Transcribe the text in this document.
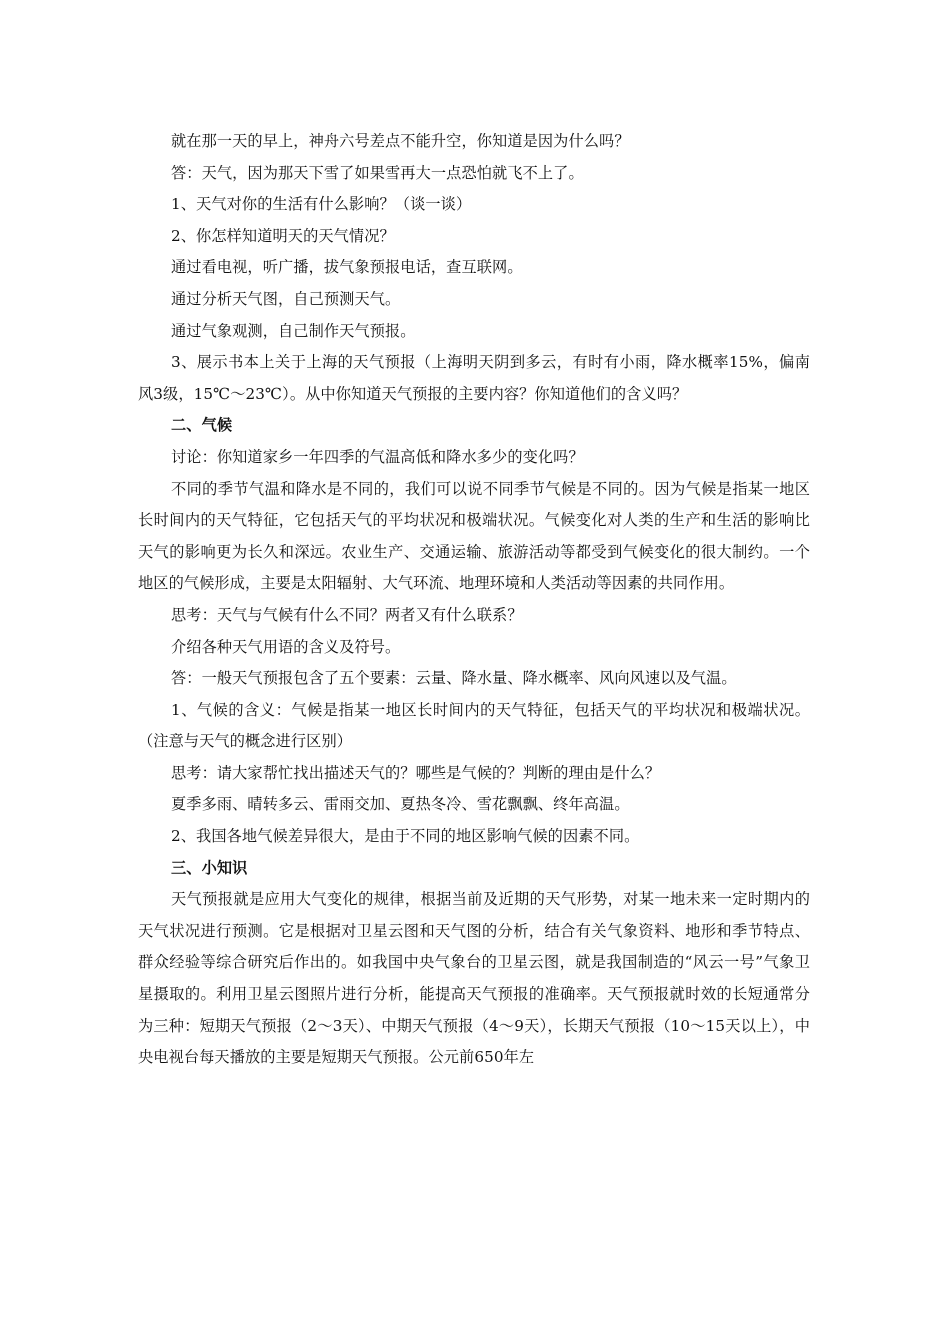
就在那一天的早上，神舟六号差点不能升空，你知道是因为什么吗？

答：天气，因为那天下雪了如果雪再大一点恐怕就飞不上了。

1、天气对你的生活有什么影响？（谈一谈）

2、你怎样知道明天的天气情况？

通过看电视，听广播，拔气象预报电话，查互联网。

通过分析天气图，自己预测天气。

通过气象观测，自己制作天气预报。

3、展示书本上关于上海的天气预报（上海明天阴到多云，有时有小雨，降水概率15%，偏南风3级，15℃～23℃）。从中你知道天气预报的主要内容？你知道他们的含义吗？

二、气候

讨论：你知道家乡一年四季的气温高低和降水多少的变化吗？

不同的季节气温和降水是不同的，我们可以说不同季节气候是不同的。因为气候是指某一地区长时间内的天气特征，它包括天气的平均状况和极端状况。气候变化对人类的生产和生活的影响比天气的影响更为长久和深远。农业生产、交通运输、旅游活动等都受到气候变化的很大制约。一个地区的气候形成，主要是太阳辐射、大气环流、地理环境和人类活动等因素的共同作用。

思考：天气与气候有什么不同？两者又有什么联系？

介绍各种天气用语的含义及符号。

答：一般天气预报包含了五个要素：云量、降水量、降水概率、风向风速以及气温。

1、气候的含义：气候是指某一地区长时间内的天气特征，包括天气的平均状况和极端状况。（注意与天气的概念进行区别）

思考：请大家帮忙找出描述天气的？哪些是气候的？判断的理由是什么？

夏季多雨、晴转多云、雷雨交加、夏热冬冷、雪花飘飘、终年高温。

2、我国各地气候差异很大，是由于不同的地区影响气候的因素不同。

三、小知识

天气预报就是应用大气变化的规律，根据当前及近期的天气形势，对某一地未来一定时期内的天气状况进行预测。它是根据对卫星云图和天气图的分析，结合有关气象资料、地形和季节特点、群众经验等综合研究后作出的。如我国中央气象台的卫星云图，就是我国制造的“风云一号”气象卫星摄取的。利用卫星云图照片进行分析，能提高天气预报的准确率。天气预报就时效的长短通常分为三种：短期天气预报（2～3天）、中期天气预报（4～9天），长期天气预报（10～15天以上），中央电视台每天播放的主要是短期天气预报。公元前650年左
